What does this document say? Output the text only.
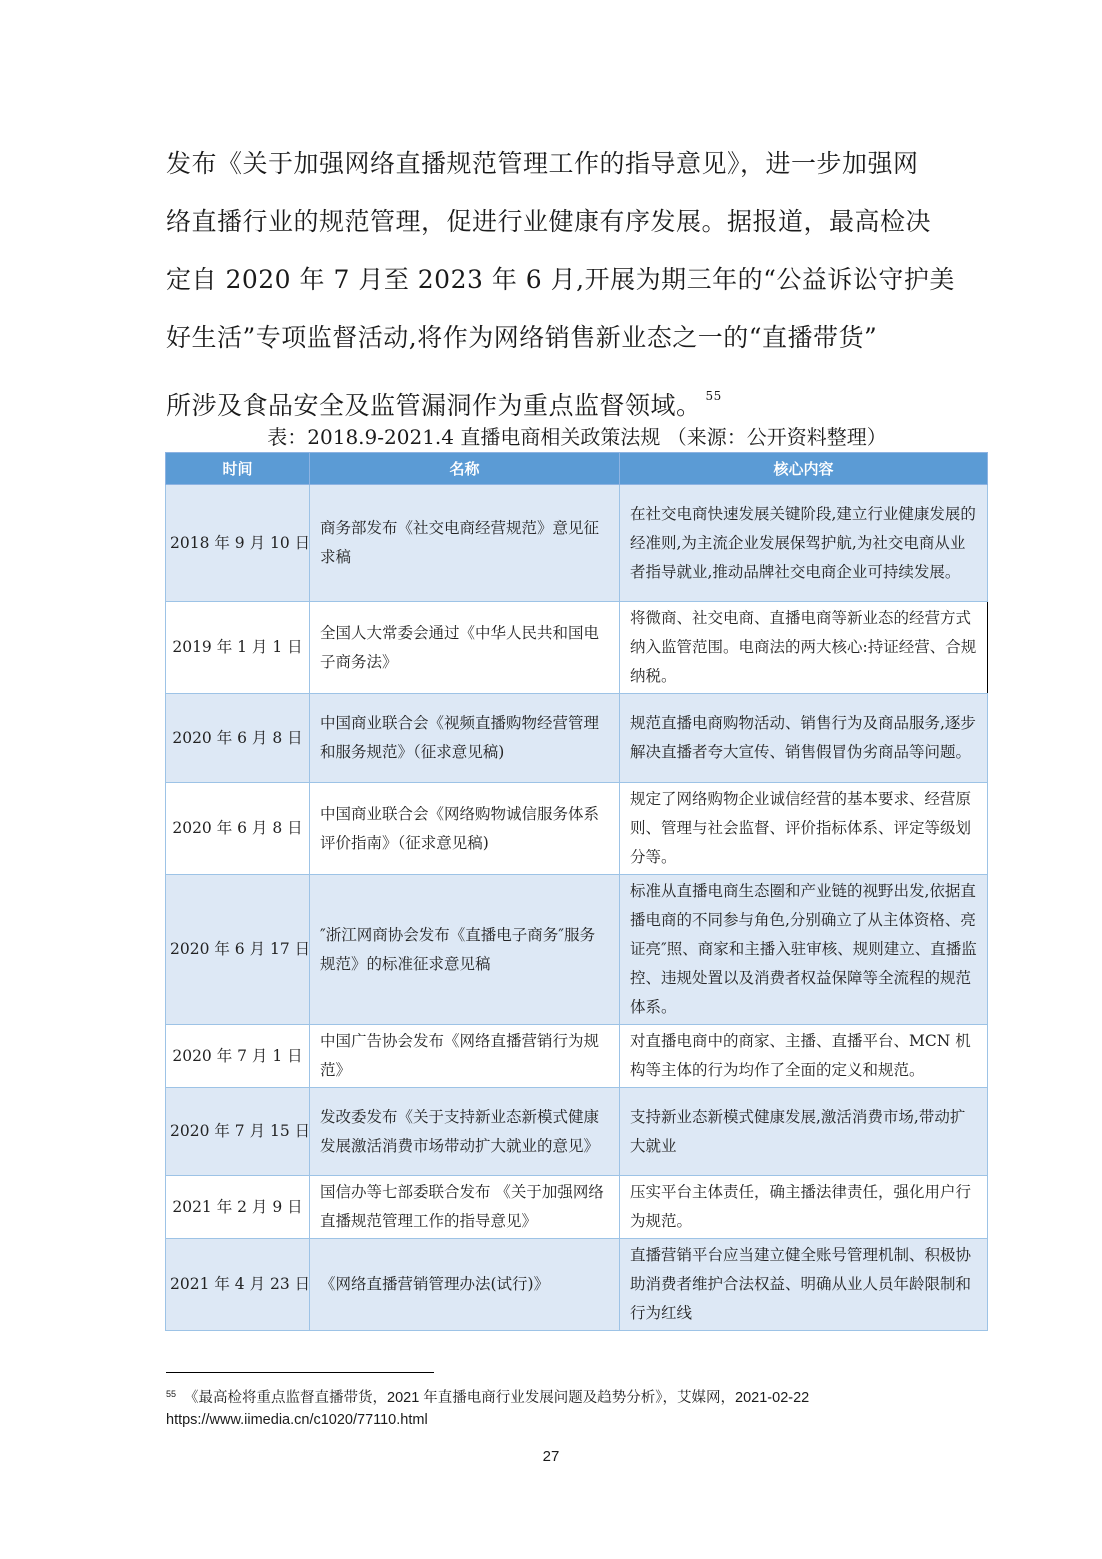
发布《关于加强网络直播规范管理工作的指导意见》，进一步加强网
络直播行业的规范管理，促进行业健康有序发展。据报道，最高检决
定自 2020 年 7 月至 2023 年 6 月,开展为期三年的“公益诉讼守护美
好生活”专项监督活动,将作为网络销售新业态之一的“直播带货”
所涉及食品安全及监管漏洞作为重点监督领域。 $^{55}$
表：2018.9-2021.4 直播电商相关政策法规 （来源：公开资料整理）
时间	名称	核心内容
2018 年 9 月 10 日	商务部发布《社交电商经营规范》意见征求稿	在社交电商快速发展关键阶段,建立行业健康发展的经准则,为主流企业发展保驾护航,为社交电商从业者指导就业,推动品牌社交电商企业可持续发展。
2019 年 1 月 1 日	全国人大常委会通过《中华人民共和国电子商务法》	将微商、社交电商、直播电商等新业态的经营方式纳入监管范围。电商法的两大核心:持证经营、合规纳税。
2020 年 6 月 8 日	中国商业联合会《视频直播购物经营管理和服务规范》（征求意见稿)	规范直播电商购物活动、销售行为及商品服务,逐步解决直播者夸大宣传、销售假冒伪劣商品等问题。
2020 年 6 月 8 日	中国商业联合会《网络购物诚信服务体系评价指南》（征求意见稿)	规定了网络购物企业诚信经营的基本要求、经营原则、管理与社会监督、评价指标体系、评定等级划分等。
2020 年 6 月 17 日	″浙江网商协会发布《直播电子商务″服务规范》的标准征求意见稿	标准从直播电商生态圈和产业链的视野出发,依据直播电商的不同参与角色,分别确立了从主体资格、亮证亮″照、商家和主播入驻审核、规则建立、直播监控、违规处置以及消费者权益保障等全流程的规范体系。
2020 年 7 月 1 日	中国广告协会发布《网络直播营销行为规范》	对直播电商中的商家、主播、直播平台、MCN 机构等主体的行为均作了全面的定义和规范。
2020 年 7 月 15 日	发改委发布《关于支持新业态新模式健康发展激活消费市场带动扩大就业的意见》	支持新业态新模式健康发展,激活消费市场,带动扩大就业
2021 年 2 月 9 日	国信办等七部委联合发布 《关于加强网络直播规范管理工作的指导意见》	压实平台主体责任，确主播法律责任，强化用户行为规范。
2021 年 4 月 23 日	《网络直播营销管理办法(试行)》	直播营销平台应当建立健全账号管理机制、积极协助消费者维护合法权益、明确从业人员年龄限制和行为红线
$^{55}$ 《最高检将重点监督直播带货，2021 年直播电商行业发展问题及趋势分析》，艾媒网，2021-02-22
https://www.iimedia.cn/c1020/77110.html
27
